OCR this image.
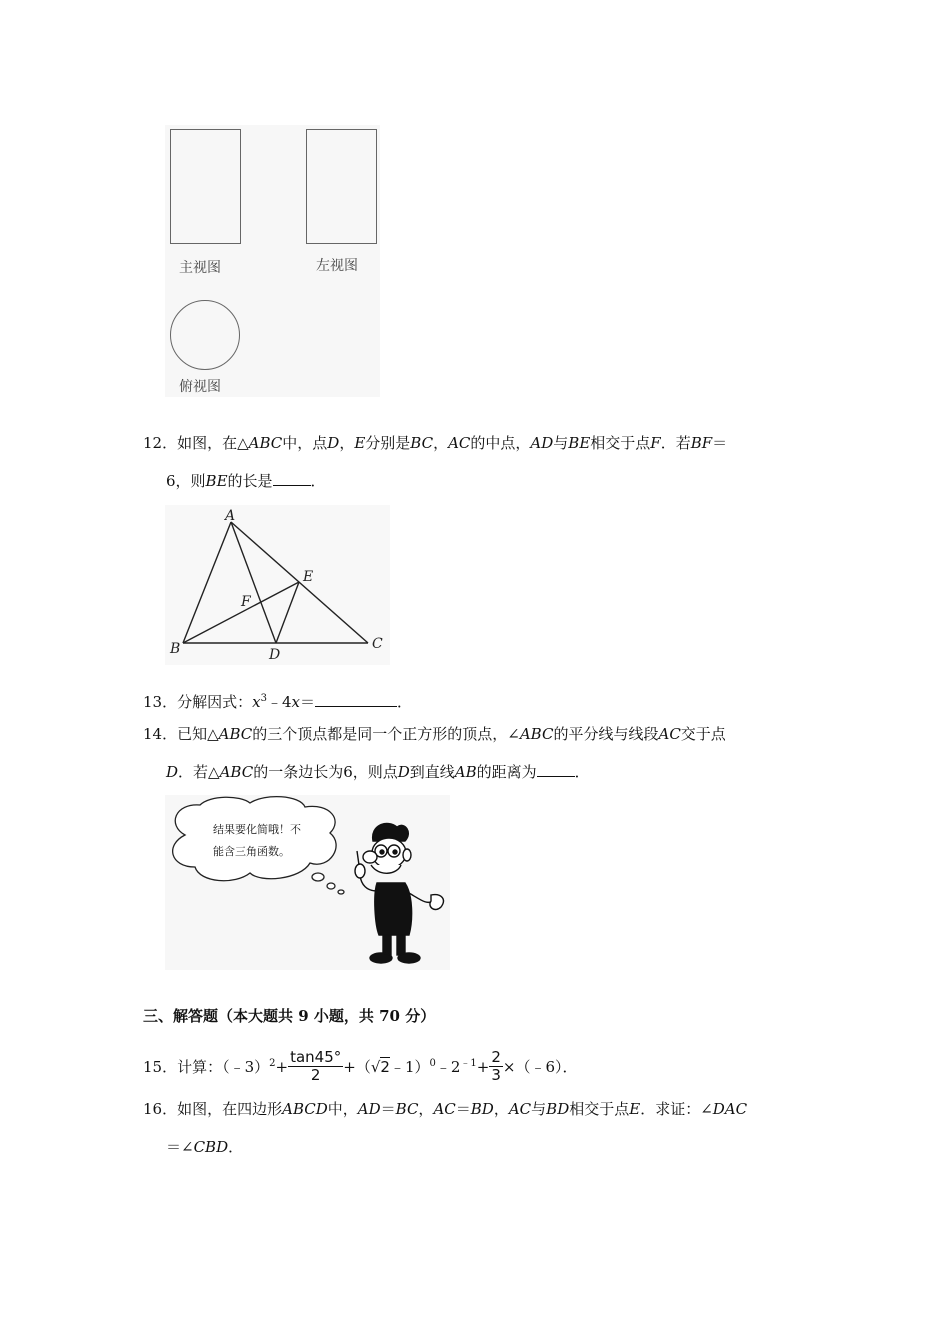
主视图	左视图
俯视图
12．如图，在△ABC中，点D，E分别是BC，AC的中点，AD与BE相交于点F．若BF＝
6，则BE的长是	．
A
B	C
D
E
F
13．分解因式：$x^3﹣4x=$	．
14．已知△ABC的三个顶点都是同一个正方形的顶点，∠ABC的平分线与线段AC交于点
D．若△ABC的一条边长为6，则点D到直线AB的距离为	．
结果要化简哦！不
能含三角函数。
三、解答题（本大题共 9 小题，共 70 分）
15．计算：（﹣3）$^2$+ $\frac{\tan 45^\circ}{2}$ $+(√2﹣1)^0﹣2^{﹣1}+ \frac{2}{3}$ ×（﹣6）．
16．如图，在四边形ABCD中，AD＝BC，AC＝BD，AC与BD相交于点E．求证：∠DAC
＝∠CBD．
